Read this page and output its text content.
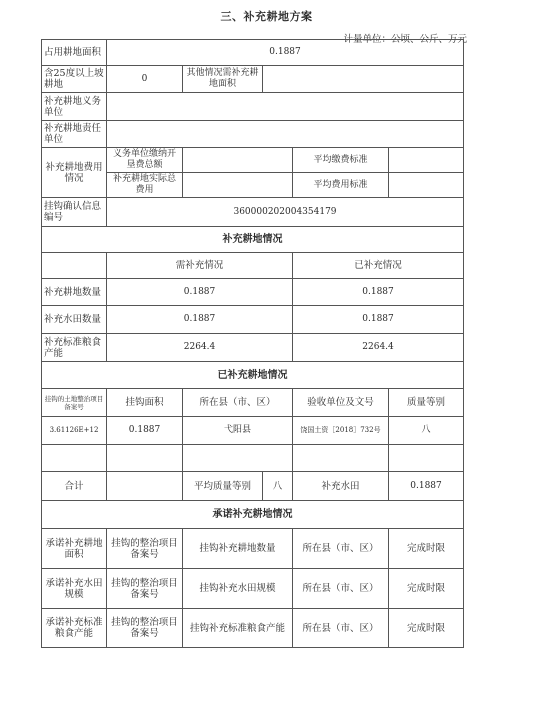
三、补充耕地方案
计量单位：公顷、公斤、万元
占用耕地面积	0.1887				
含25度以上坡耕地	0	其他情况需补充耕地面积			
补充耕地义务单位					
补充耕地责任单位					
补充耕地费用情况	义务单位缴纳开垦费总额			平均缴费标准	
	补充耕地实际总费用			平均费用标准	
挂钩确认信息编号	360000202004354179				
补充耕地情况					
	需补充情况			已补充情况	
补充耕地数量	0.1887			0.1887	
补充水田数量	0.1887			0.1887	
补充标准粮食产能	2264.4			2264.4	
已补充耕地情况					
挂钩的土地整治项目备案号	挂钩面积	所在县（市、区）		验收单位及文号	质量等别
3.61126E+12	0.1887	弋阳县		饶国土资［2018］732号	八

合计		平均质量等别	八	补充水田	0.1887
承诺补充耕地情况					
承诺补充耕地面积	挂钩的整治项目备案号	挂钩补充耕地数量		所在县（市、区）	完成时限
承诺补充水田规模	挂钩的整治项目备案号	挂钩补充水田规模		所在县（市、区）	完成时限
承诺补充标准粮食产能	挂钩的整治项目备案号	挂钩补充标准粮食产能		所在县（市、区）	完成时限
